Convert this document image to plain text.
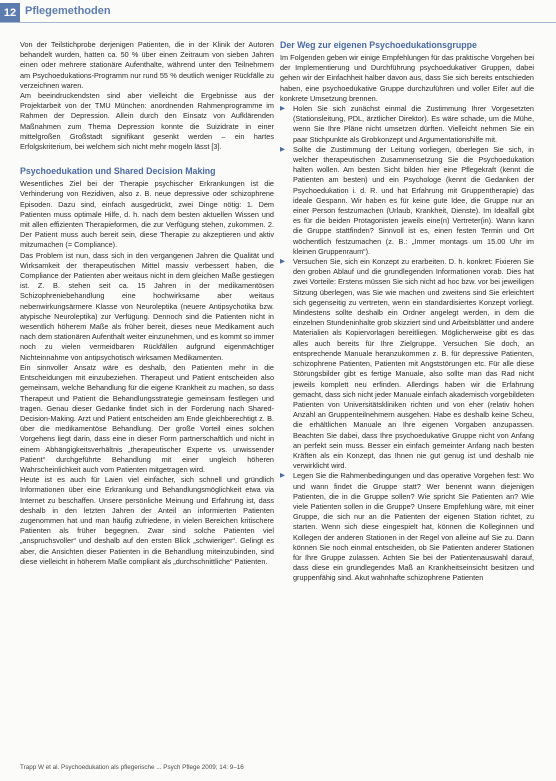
12 Pflegemethoden

Von der Teilstichprobe derjenigen Patienten, die in der Klinik der Autoren behandelt wurden, hatten ca. 50 % über einen Zeitraum von sieben Jahren einen oder mehrere stationäre Aufenthalte, während unter den Teilnehmern am Psychoedukations-Programm nur rund 55 % deutlich weniger Rückfälle zu verzeichnen waren.

Am beeindruckendsten sind aber vielleicht die Ergebnisse aus der Projektarbeit von der TMU München: anordnenden Rahmenprogramme im Rahmen der Depression. Allein durch den Einsatz von Aufklärenden Maßnahmen zum Thema Depression konnte die Suizidrate in einer mittelgroßen Großstadt signifikant gesenkt werden – ein hartes Erfolgskriterium, bei welchem sich nicht mehr mogeln lässt [3].

Psychoedukation und Shared Decision Making

Wesentliches Ziel bei der Therapie psychischer Erkrankungen ist die Verhinderung von Rezidiven, also z. B. neue depressive oder schizophrene Episoden. Dazu sind, einfach ausgedrückt, zwei Dinge nötig: 1. Dem Patienten muss optimale Hilfe, d. h. nach dem besten aktuellen Wissen und mit allen effizienten Therapieformen, die zur Verfügung stehen, zukommen. 2. Der Patient muss auch bereit sein, diese Therapie zu akzeptieren und aktiv mitzumachen (= Compliance).

Das Problem ist nun, dass sich in den vergangenen Jahren die Qualität und Wirksamkeit der therapeutischen Mittel massiv verbessert haben, die Compliance der Patienten aber weitaus nicht in dem gleichen Maße gestiegen ist. Z. B. stehen seit ca. 15 Jahren in der medikamentösen Schizophreniebehandlung eine hochwirksame aber weitaus nebenwirkungsärmere Klasse von Neuroleptika (neuere Antipsychotika bzw. atypische Neuroleptika) zur Verfügung. Dennoch sind die Patienten nicht in wesentlich höherem Maße als früher bereit, dieses neue Medikament auch nach dem stationären Aufenthalt weiter einzunehmen, und es kommt so immer noch zu vielen vermeidbaren Rückfällen aufgrund eigenmächtiger Nichteinnahme von antipsychotisch wirksamen Medikamenten.

Ein sinnvoller Ansatz wäre es deshalb, den Patienten mehr in die Entscheidungen mit einzubeziehen. Therapeut und Patient entscheiden also gemeinsam, welche Behandlung für die eigene Krankheit zu machen, so dass Therapeut und Patient die Behandlungsstrategie gemeinsam festlegen und tragen. Genau dieser Gedanke findet sich in der Forderung nach Shared-Decision-Making. Arzt und Patient entscheiden am Ende gleichberechtigt z. B. über die medikamentöse Behandlung. Der große Vorteil eines solchen Vorgehens liegt darin, dass eine in dieser Form partnerschaftlich und nicht in einem Abhängigkeitsverhältnis „therapeutischer Experte vs. unwissender Patient“ durchgeführte Behandlung mit einer ungleich höheren Wahrscheinlichkeit auch vom Patienten mitgetragen wird.

Heute ist es auch für Laien viel einfacher, sich schnell und gründlich Informationen über eine Erkrankung und Behandlungsmöglichkeit etwa via Internet zu beschaffen. Unsere persönliche Meinung und Erfahrung ist, dass deshalb in den letzten Jahren der Anteil an informierten Patienten zugenommen hat und man häufig zufriedene, in vielen Bereichen kritischere Patienten als früher begegnen. Zwar sind solche Patienten viel „anspruchsvoller“ und deshalb auf den ersten Blick „schwieriger“. Gelingt es aber, die Ansichten dieser Patienten in die Behandlung miteinzubinden, sind diese vielleicht in höherem Maße compliant als „durchschnittliche“ Patienten.

Der Weg zur eigenen Psychoedukationsgruppe

Im Folgenden geben wir einige Empfehlungen für das praktische Vorgehen bei der Implementierung und Durchführung psychoedukativer Gruppen, dabei gehen wir der Einfachheit halber davon aus, dass Sie sich bereits entschieden haben, eine psychoedukative Gruppe durchzuführen und voller Eifer auf die konkrete Umsetzung brennen.

▶ Holen Sie sich zunächst einmal die Zustimmung Ihrer Vorgesetzten (Stationsleitung, PDL, ärztlicher Direktor). Es wäre schade, um die Mühe, wenn Sie Ihre Pläne nicht umsetzen dürften. Vielleicht nehmen Sie ein paar Stichpunkte als Grobkonzept und Argumentationshilfe mit.
▶ Sollte die Zustimmung der Leitung vorliegen, überlegen Sie sich, in welcher therapeutischen Zusammensetzung Sie die Psychoedukation halten wollen. Am besten Sicht bilden hier eine Pflegekraft (kennt die Patienten am besten) und ein Psychologe (kennt die Gedanken der Psychoedukation i. d. R. und hat Erfahrung mit Gruppentherapie) das ideale Gespann. Wir haben es für keine gute Idee, die Gruppe nur an einer Person festzumachen (Urlaub, Krankheit, Dienste). Im Idealfall gibt es für die beiden Protagonisten jeweils eine(n) Vertreter(in). Wann kann die Gruppe stattfinden? Sinnvoll ist es, einen festen Termin und Ort wöchentlich festzumachen (z. B.: „Immer montags um 15.00 Uhr im kleinen Gruppenraum“).
▶ Versuchen Sie, sich ein Konzept zu erarbeiten. D. h. konkret: Fixieren Sie den groben Ablauf und die grundlegenden Informationen vorab. Dies hat zwei Vorteile: Erstens müssen Sie sich nicht ad hoc bzw. vor bei jeweiligen Sitzung überlegen, was Sie wie machen und zweitens sind Sie erleichtert sich gegenseitig zu vertreten, wenn ein standardisiertes Konzept vorliegt. Mindestens sollte deshalb ein Ordner angelegt werden, in dem die einzelnen Stundeninhalte grob skizziert sind und Arbeitsblätter und andere Materialien als Kopiervorlagen bereitliegen. Möglicherweise gibt es das alles auch bereits für Ihre Zielgruppe. Versuchen Sie doch, an entsprechende Manuale heranzukommen z. B. für depressive Patienten, schizophrene Patienten, Patienten mit Angststörungen etc. Für alle diese Störungsbilder gibt es fertige Manuale, also sollte man das Rad nicht jeweils komplett neu erfinden. Allerdings haben wir die Erfahrung gemacht, dass sich nicht jeder Manuale einfach akademisch vorgebildeten Patienten von Universitätskliniken richten und von eher (relativ hohen Anzahl an Gruppenteilnehmern ausgehen. Habe es deshalb keine Scheu, die erhältlichen Manuale an Ihre eigenen Vorgaben anzupassen. Beachten Sie dabei, dass Ihre psychoedukative Gruppe nicht von Anfang an perfekt sein muss. Besser ein einfach gemeinter Anfang nach besten Kräften als ein Konzept, das Ihnen nie gut genug ist und deshalb nie verwirklicht wird.
▶ Legen Sie die Rahmenbedingungen und das operative Vorgehen fest: Wo und wann findet die Gruppe statt? Wer benennt wann diejenigen Patienten, die in die Gruppe sollen? Wie spricht Sie Patienten an? Wie viele Patienten sollen in die Gruppe? Unsere Empfehlung wäre, mit einer Gruppe, die sich nur an die Patienten der eigenen Station richtet, zu starten. Wenn sich diese eingespielt hat, können die Kolleginnen und Kollegen der anderen Stationen in der Regel von alleine auf Sie zu. Dann können Sie noch einmal entscheiden, ob Sie Patienten anderer Stationen für Ihre Gruppe zulassen. Achten Sie bei der Patientenauswahl darauf, dass diese ein grundlegendes Maß an Krankheitseinsicht besitzen und gruppenfähig sind. Akut wahnhafte schizophrene Patienten
Trapp W et al. Psychoedukation als pflegerische ... Psych Pflege 2009; 14: 9–16
